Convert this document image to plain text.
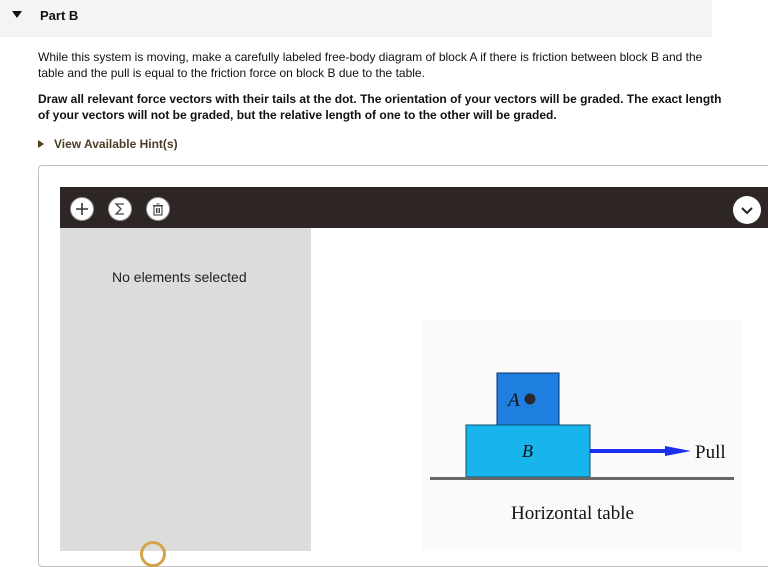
Part B
While this system is moving, make a carefully labeled free-body diagram of block A if there is friction between block B and the table and the pull is equal to the friction force on block B due to the table.
Draw all relevant force vectors with their tails at the dot. The orientation of your vectors will be graded. The exact length of your vectors will not be graded, but the relative length of one to the other will be graded.
View Available Hint(s)
No elements selected
A
B	Pull
Horizontal table
